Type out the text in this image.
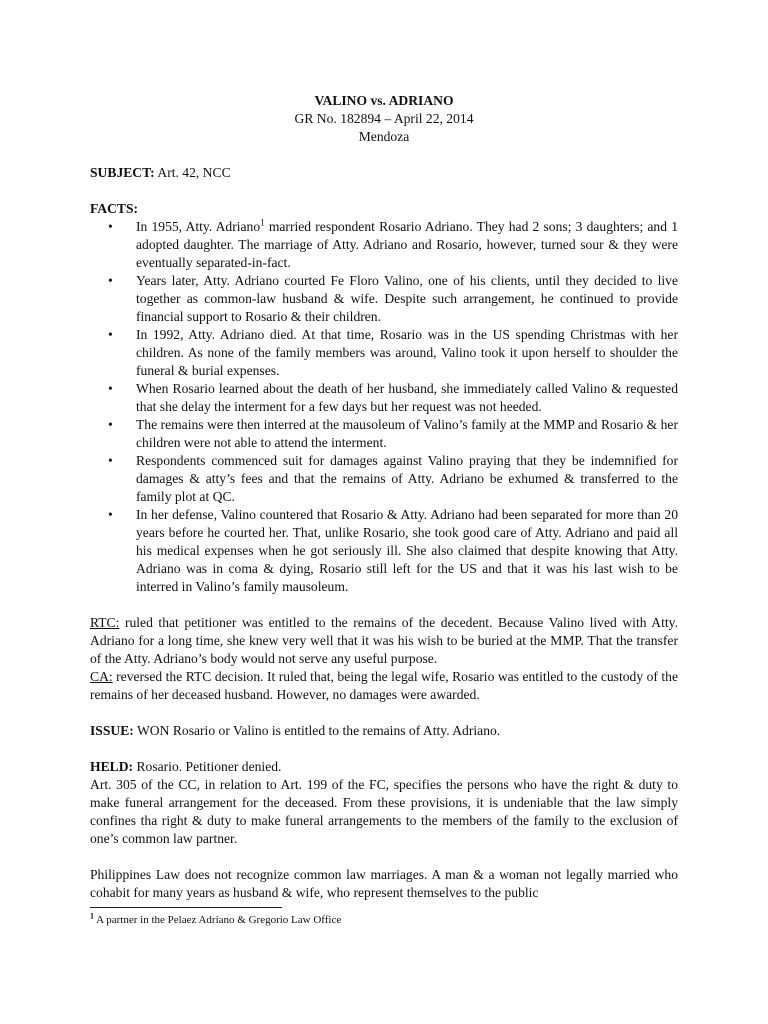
VALINO vs. ADRIANO
GR No. 182894 – April 22, 2014
Mendoza
SUBJECT: Art. 42, NCC
FACTS:
• In 1955, Atty. Adriano$^1$ married respondent Rosario Adriano. They had 2 sons; 3 daughters; and 1 adopted daughter. The marriage of Atty. Adriano and Rosario, however, turned sour & they were eventually separated-in-fact.
• Years later, Atty. Adriano courted Fe Floro Valino, one of his clients, until they decided to live together as common-law husband & wife. Despite such arrangement, he continued to provide financial support to Rosario & their children.
• In 1992, Atty. Adriano died. At that time, Rosario was in the US spending Christmas with her children. As none of the family members was around, Valino took it upon herself to shoulder the funeral & burial expenses.
• When Rosario learned about the death of her husband, she immediately called Valino & requested that she delay the interment for a few days but her request was not heeded.
• The remains were then interred at the mausoleum of Valino’s family at the MMP and Rosario & her children were not able to attend the interment.
• Respondents commenced suit for damages against Valino praying that they be indemnified for damages & atty’s fees and that the remains of Atty. Adriano be exhumed & transferred to the family plot at QC.
• In her defense, Valino countered that Rosario & Atty. Adriano had been separated for more than 20 years before he courted her. That, unlike Rosario, she took good care of Atty. Adriano and paid all his medical expenses when he got seriously ill. She also claimed that despite knowing that Atty. Adriano was in coma & dying, Rosario still left for the US and that it was his last wish to be interred in Valino’s family mausoleum.
RTC: ruled that petitioner was entitled to the remains of the decedent. Because Valino lived with Atty. Adriano for a long time, she knew very well that it was his wish to be buried at the MMP. That the transfer of the Atty. Adriano’s body would not serve any useful purpose.
CA: reversed the RTC decision. It ruled that, being the legal wife, Rosario was entitled to the custody of the remains of her deceased husband. However, no damages were awarded.
ISSUE: WON Rosario or Valino is entitled to the remains of Atty. Adriano.
HELD: Rosario. Petitioner denied.
Art. 305 of the CC, in relation to Art. 199 of the FC, specifies the persons who have the right & duty to make funeral arrangement for the deceased. From these provisions, it is undeniable that the law simply confines tha right & duty to make funeral arrangements to the members of the family to the exclusion of one’s common law partner.
Philippines Law does not recognize common law marriages. A man & a woman not legally married who cohabit for many years as husband & wife, who represent themselves to the public
$^1$ A partner in the Pelaez Adriano & Gregorio Law Office
